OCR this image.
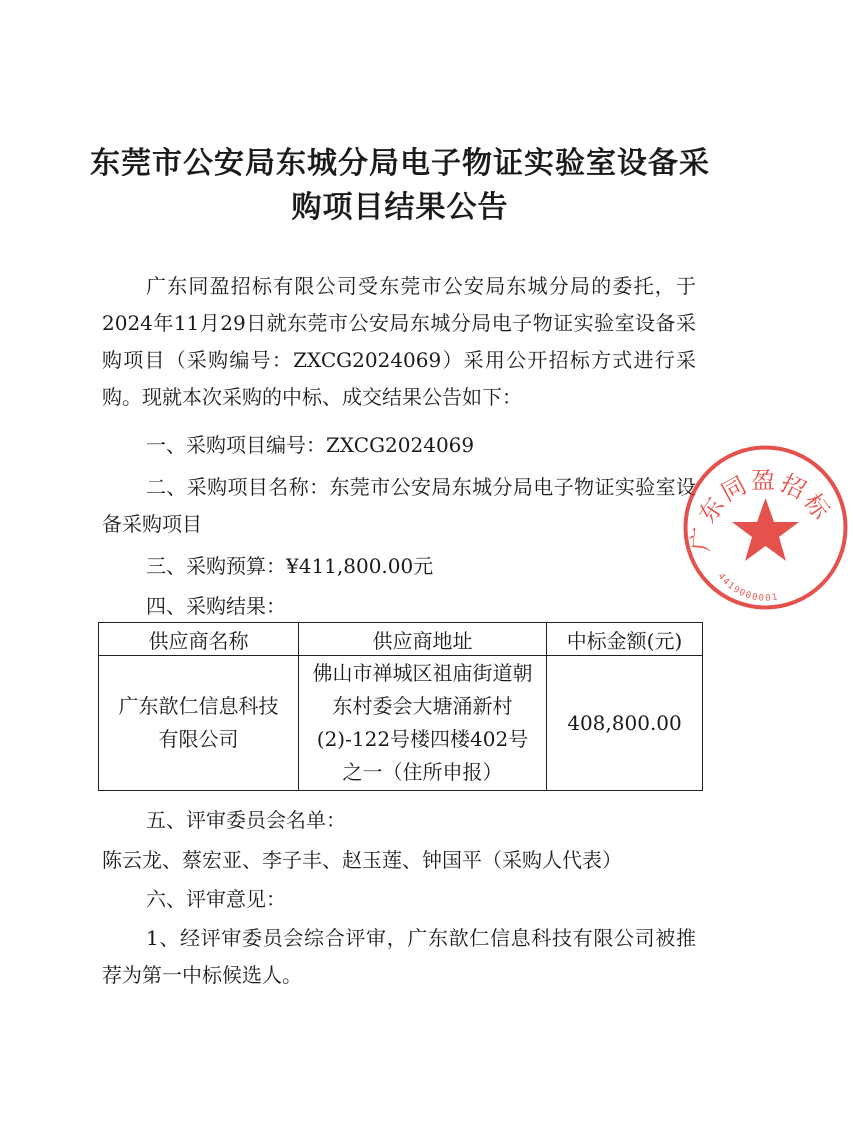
东莞市公安局东城分局电子物证实验室设备采
购项目结果公告

广东同盈招标有限公司受东莞市公安局东城分局的委托，于2024年11月29日就东莞市公安局东城分局电子物证实验室设备采购项目（采购编号：ZXCG2024069）采用公开招标方式进行采购。现就本次采购的中标、成交结果公告如下：

一、采购项目编号：ZXCG2024069

二、采购项目名称：东莞市公安局东城分局电子物证实验室设备采购项目

三、采购预算：¥411,800.00元

四、采购结果：

供应商名称	供应商地址	中标金额(元)
广东歆仁信息科技有限公司	佛山市禅城区祖庙街道朝东村委会大塘涌新村(2)-122号楼四楼402号之一（住所申报）	408,800.00

五、评审委员会名单：

陈云龙、蔡宏亚、李子丰、赵玉莲、钟国平（采购人代表）

六、评审意见：

1、经评审委员会综合评审，广东歆仁信息科技有限公司被推荐为第一中标候选人。

广东同盈招标
4419000001
